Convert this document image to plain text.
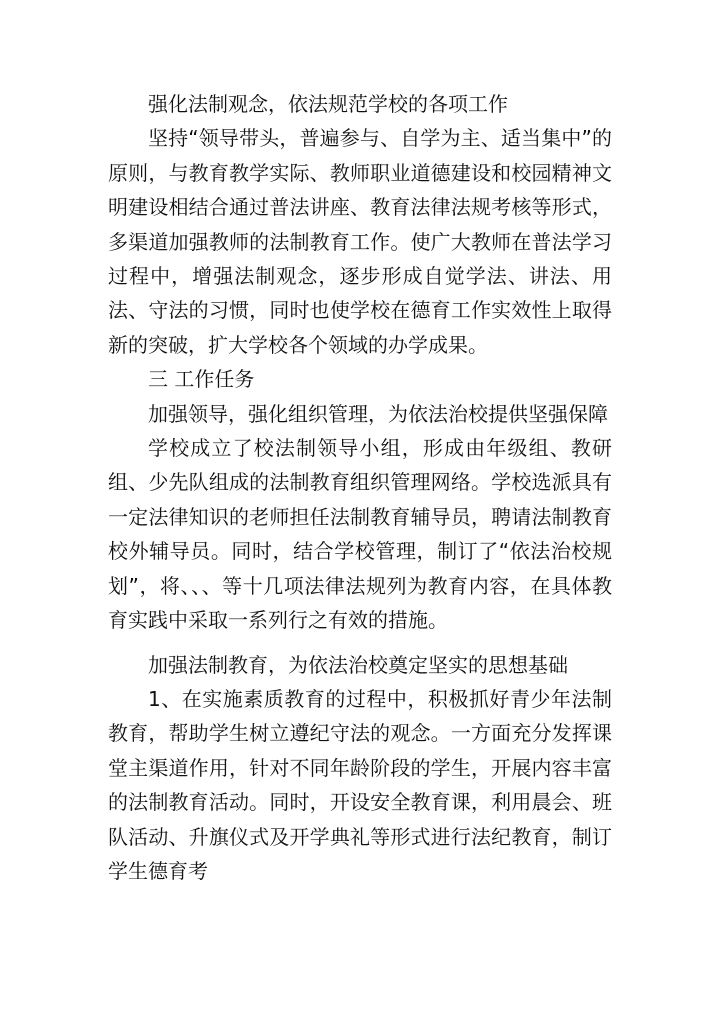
强化法制观念，依法规范学校的各项工作

坚持“领导带头，普遍参与、自学为主、适当集中”的原则，与教育教学实际、教师职业道德建设和校园精神文明建设相结合通过普法讲座、教育法律法规考核等形式，多渠道加强教师的法制教育工作。使广大教师在普法学习过程中，增强法制观念，逐步形成自觉学法、讲法、用法、守法的习惯，同时也使学校在德育工作实效性上取得新的突破，扩大学校各个领域的办学成果。

三 工作任务

加强领导，强化组织管理，为依法治校提供坚强保障

学校成立了校法制领导小组，形成由年级组、教研组、少先队组成的法制教育组织管理网络。学校选派具有一定法律知识的老师担任法制教育辅导员，聘请法制教育校外辅导员。同时，结合学校管理，制订了“依法治校规划”，将、、、等十几项法律法规列为教育内容，在具体教育实践中采取一系列行之有效的措施。

加强法制教育，为依法治校奠定坚实的思想基础

1、在实施素质教育的过程中，积极抓好青少年法制教育，帮助学生树立遵纪守法的观念。一方面充分发挥课堂主渠道作用，针对不同年龄阶段的学生，开展内容丰富的法制教育活动。同时，开设安全教育课，利用晨会、班队活动、升旗仪式及开学典礼等形式进行法纪教育，制订学生德育考
